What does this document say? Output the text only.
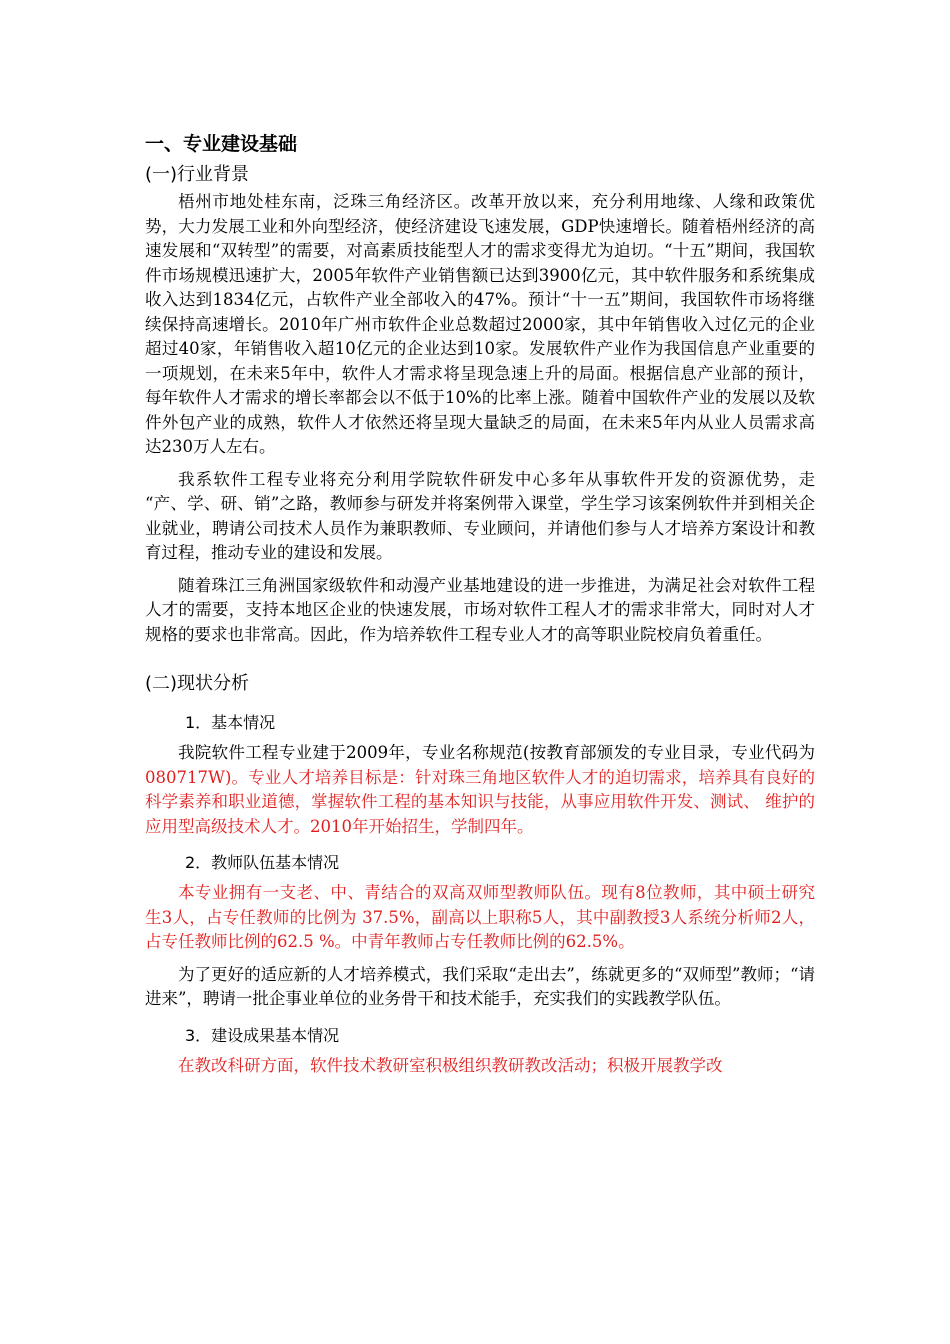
一、专业建设基础
(一)行业背景

梧州市地处桂东南，泛珠三角经济区。改革开放以来，充分利用地缘、人缘和政策优势，大力发展工业和外向型经济，使经济建设飞速发展，GDP快速增长。随着梧州经济的高速发展和“双转型”的需要，对高素质技能型人才的需求变得尤为迫切。“十五”期间，我国软件市场规模迅速扩大，2005年软件产业销售额已达到3900亿元，其中软件服务和系统集成收入达到1834亿元，占软件产业全部收入的47%。预计“十一五”期间，我国软件市场将继续保持高速增长。2010年广州市软件企业总数超过2000家，其中年销售收入过亿元的企业超过40家，年销售收入超10亿元的企业达到10家。发展软件产业作为我国信息产业重要的一项规划，在未来5年中，软件人才需求将呈现急速上升的局面。根据信息产业部的预计，每年软件人才需求的增长率都会以不低于10%的比率上涨。随着中国软件产业的发展以及软件外包产业的成熟，软件人才依然还将呈现大量缺乏的局面，在未来5年内从业人员需求高达230万人左右。

我系软件工程专业将充分利用学院软件研发中心多年从事软件开发的资源优势，走 “产、学、研、销”之路，教师参与研发并将案例带入课堂，学生学习该案例软件并到相关企业就业，聘请公司技术人员作为兼职教师、专业顾问，并请他们参与人才培养方案设计和教育过程，推动专业的建设和发展。

随着珠江三角洲国家级软件和动漫产业基地建设的进一步推进，为满足社会对软件工程人才的需要，支持本地区企业的快速发展，市场对软件工程人才的需求非常大，同时对人才规格的要求也非常高。因此，作为培养软件工程专业人才的高等职业院校肩负着重任。

(二)现状分析
1．基本情况

我院软件工程专业建于2009年，专业名称规范(按教育部颁发的专业目录，专业代码为080717W)。专业人才培养目标是：针对珠三角地区软件人才的迫切需求，培养具有良好的科学素养和职业道德，掌握软件工程的基本知识与技能，从事应用软件开发、测试、 维护的应用型高级技术人才。2010年开始招生，学制四年。

2．教师队伍基本情况

本专业拥有一支老、中、青结合的双高双师型教师队伍。现有8位教师，其中硕士研究生3人，占专任教师的比例为 37.5%，副高以上职称5人，其中副教授3人系统分析师2人，占专任教师比例的62.5 %。中青年教师占专任教师比例的62.5%。

为了更好的适应新的人才培养模式，我们采取“走出去”，练就更多的“双师型”教师；“请进来”，聘请一批企事业单位的业务骨干和技术能手，充实我们的实践教学队伍。

3．建设成果基本情况

在教改科研方面，软件技术教研室积极组织教研教改活动；积极开展教学改
